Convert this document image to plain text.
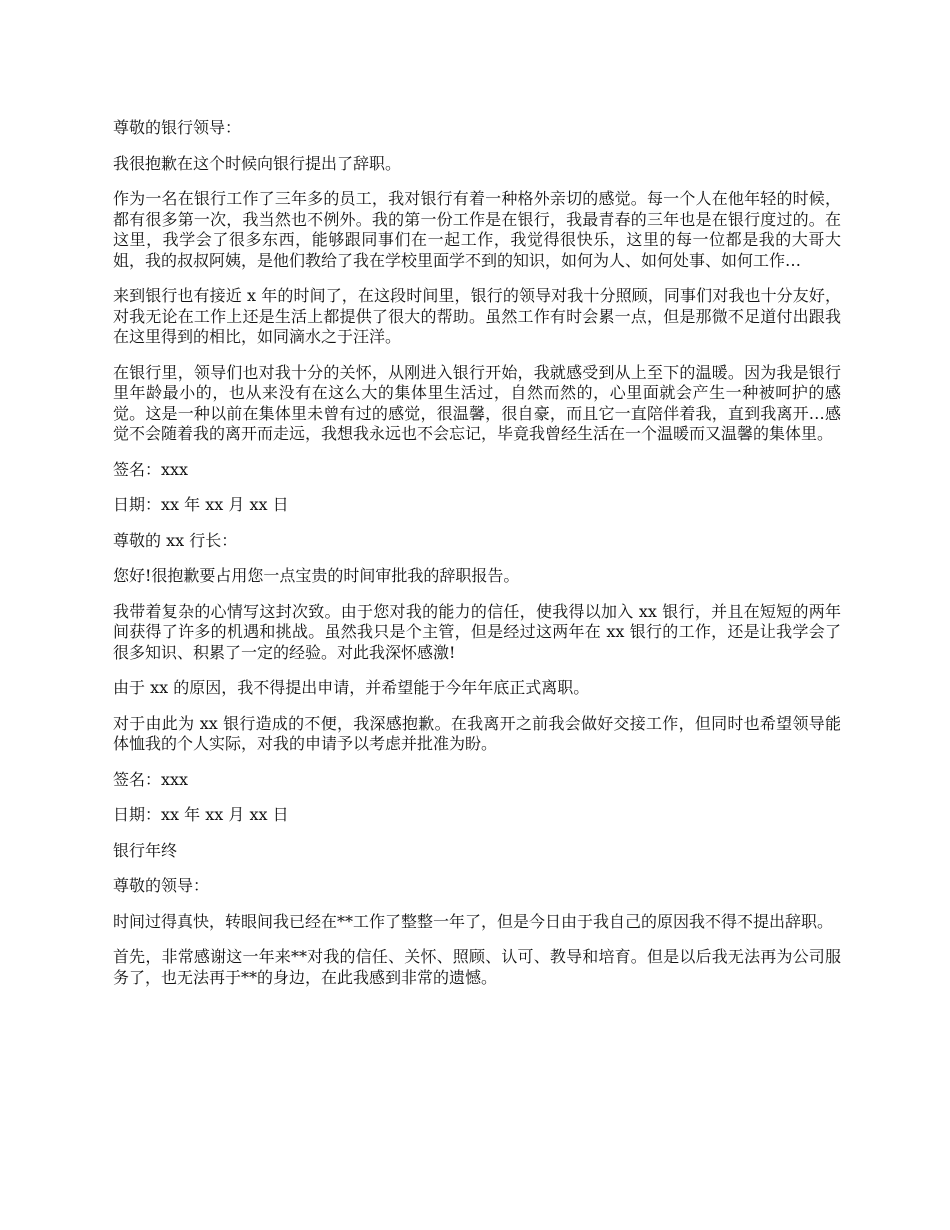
尊敬的银行领导：

我很抱歉在这个时候向银行提出了辞职。

作为一名在银行工作了三年多的员工，我对银行有着一种格外亲切的感觉。每一个人在他年轻的时候，都有很多第一次，我当然也不例外。我的第一份工作是在银行，我最青春的三年也是在银行度过的。在这里，我学会了很多东西，能够跟同事们在一起工作，我觉得很快乐，这里的每一位都是我的大哥大姐，我的叔叔阿姨，是他们教给了我在学校里面学不到的知识，如何为人、如何处事、如何工作…

来到银行也有接近 x 年的时间了，在这段时间里，银行的领导对我十分照顾，同事们对我也十分友好，对我无论在工作上还是生活上都提供了很大的帮助。虽然工作有时会累一点，但是那微不足道付出跟我在这里得到的相比，如同滴水之于汪洋。

在银行里，领导们也对我十分的关怀，从刚进入银行开始，我就感受到从上至下的温暖。因为我是银行里年龄最小的，也从来没有在这么大的集体里生活过，自然而然的，心里面就会产生一种被呵护的感觉。这是一种以前在集体里未曾有过的感觉，很温馨，很自豪，而且它一直陪伴着我，直到我离开…感觉不会随着我的离开而走远，我想我永远也不会忘记，毕竟我曾经生活在一个温暖而又温馨的集体里。

签名：xxx

日期：xx 年 xx 月 xx 日

尊敬的 xx 行长：

您好!很抱歉要占用您一点宝贵的时间审批我的辞职报告。

我带着复杂的心情写这封次致。由于您对我的能力的信任，使我得以加入 xx 银行，并且在短短的两年间获得了许多的机遇和挑战。虽然我只是个主管，但是经过这两年在 xx 银行的工作，还是让我学会了很多知识、积累了一定的经验。对此我深怀感激!

由于 xx 的原因，我不得提出申请，并希望能于今年年底正式离职。

对于由此为 xx 银行造成的不便，我深感抱歉。在我离开之前我会做好交接工作，但同时也希望领导能体恤我的个人实际，对我的申请予以考虑并批准为盼。

签名：xxx

日期：xx 年 xx 月 xx 日

银行年终

尊敬的领导：

时间过得真快，转眼间我已经在**工作了整整一年了，但是今日由于我自己的原因我不得不提出辞职。

首先，非常感谢这一年来**对我的信任、关怀、照顾、认可、教导和培育。但是以后我无法再为公司服务了，也无法再于**的身边，在此我感到非常的遗憾。
